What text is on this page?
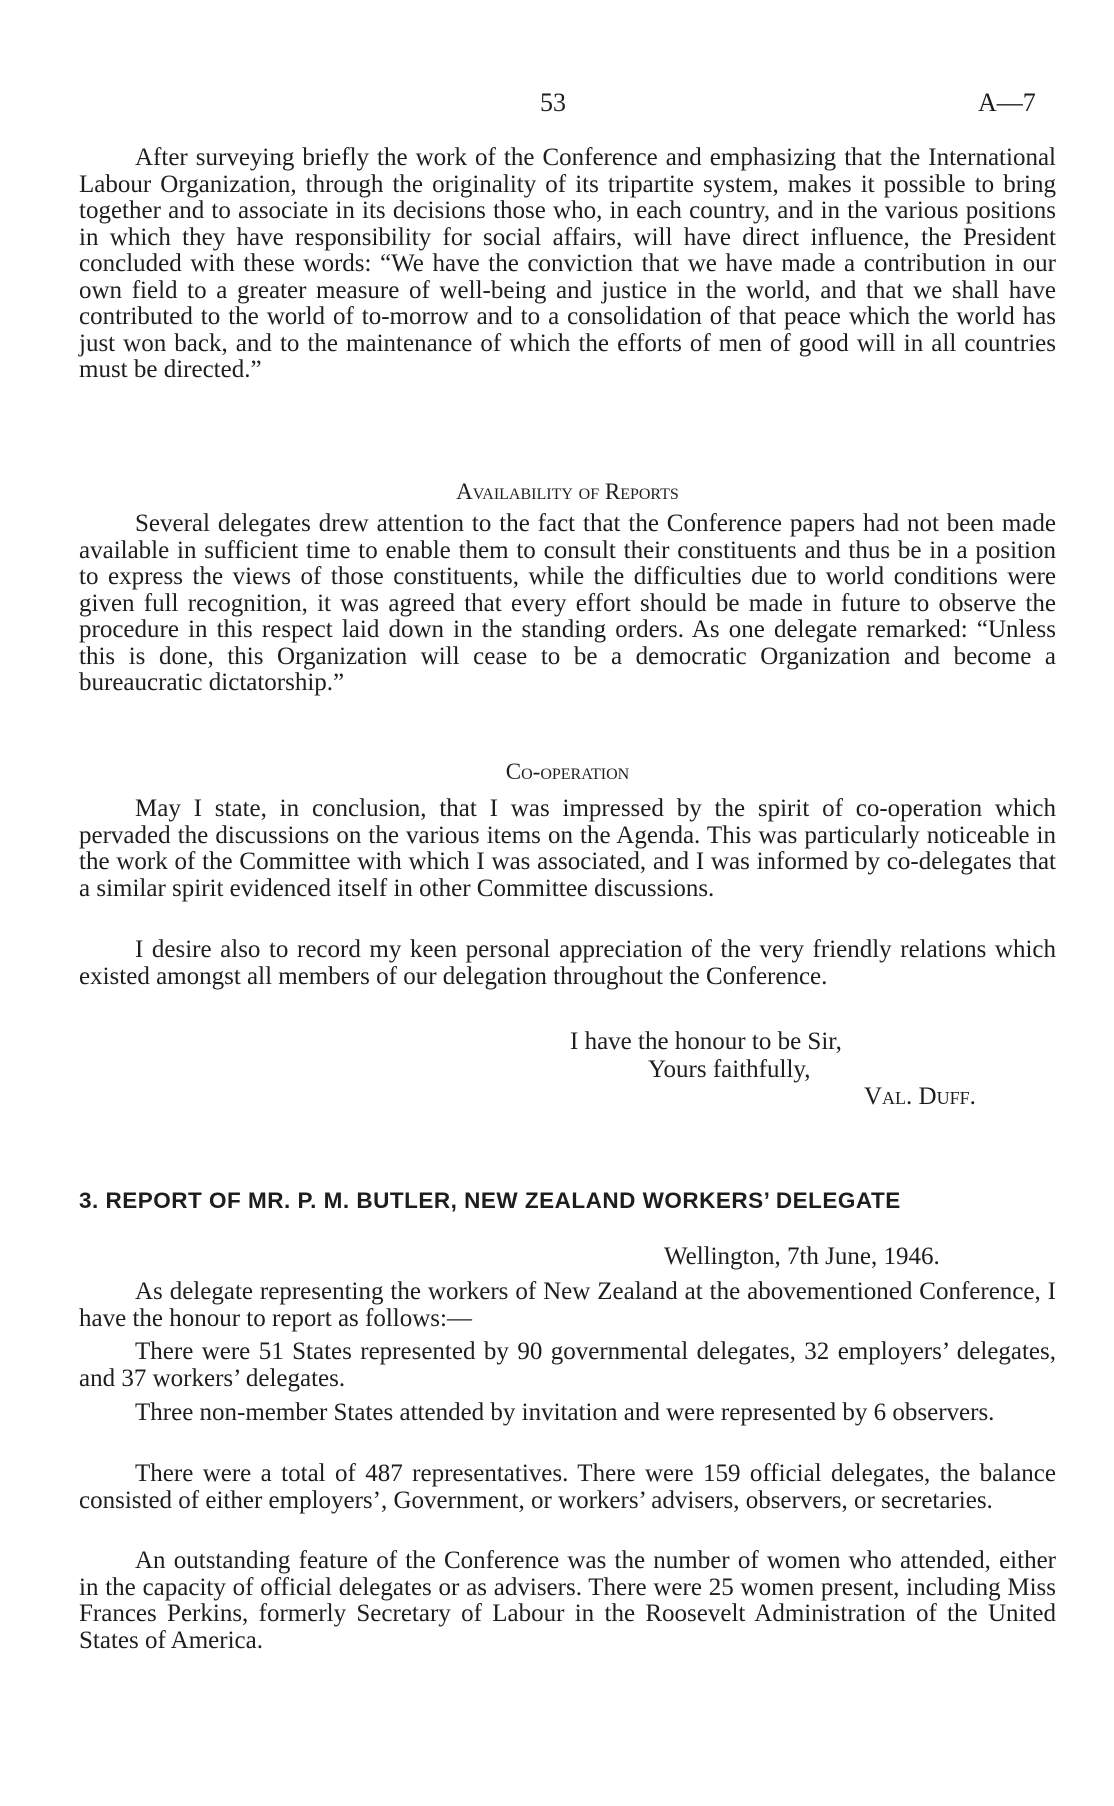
53	A—7

After surveying briefly the work of the Conference and emphasizing that the International Labour Organization, through the originality of its tripartite system, makes it possible to bring together and to associate in its decisions those who, in each country, and in the various positions in which they have responsibility for social affairs, will have direct influence, the President concluded with these words: “We have the conviction that we have made a contribution in our own field to a greater measure of well-being and justice in the world, and that we shall have contributed to the world of to-morrow and to a consolidation of that peace which the world has just won back, and to the maintenance of which the efforts of men of good will in all countries must be directed.”

Availability of Reports

Several delegates drew attention to the fact that the Conference papers had not been made available in sufficient time to enable them to consult their constituents and thus be in a position to express the views of those constituents, while the difficulties due to world conditions were given full recognition, it was agreed that every effort should be made in future to observe the procedure in this respect laid down in the standing orders. As one delegate remarked: “Unless this is done, this Organization will cease to be a democratic Organization and become a bureaucratic dictatorship.”

Co-operation

May I state, in conclusion, that I was impressed by the spirit of co-operation which pervaded the discussions on the various items on the Agenda. This was particularly noticeable in the work of the Committee with which I was associated, and I was informed by co-delegates that a similar spirit evidenced itself in other Committee discussions.

I desire also to record my keen personal appreciation of the very friendly relations which existed amongst all members of our delegation throughout the Conference.

I have the honour to be Sir,
Yours faithfully,
Val. Duff.
3. REPORT OF MR. P. M. BUTLER, NEW ZEALAND WORKERS’ DELEGATE
Wellington, 7th June, 1946.

As delegate representing the workers of New Zealand at the abovementioned Conference, I have the honour to report as follows:—

There were 51 States represented by 90 governmental delegates, 32 employers’ delegates, and 37 workers’ delegates.

Three non-member States attended by invitation and were represented by 6 observers.

There were a total of 487 representatives. There were 159 official delegates, the balance consisted of either employers’, Government, or workers’ advisers, observers, or secretaries.

An outstanding feature of the Conference was the number of women who attended, either in the capacity of official delegates or as advisers. There were 25 women present, including Miss Frances Perkins, formerly Secretary of Labour in the Roosevelt Administration of the United States of America.
